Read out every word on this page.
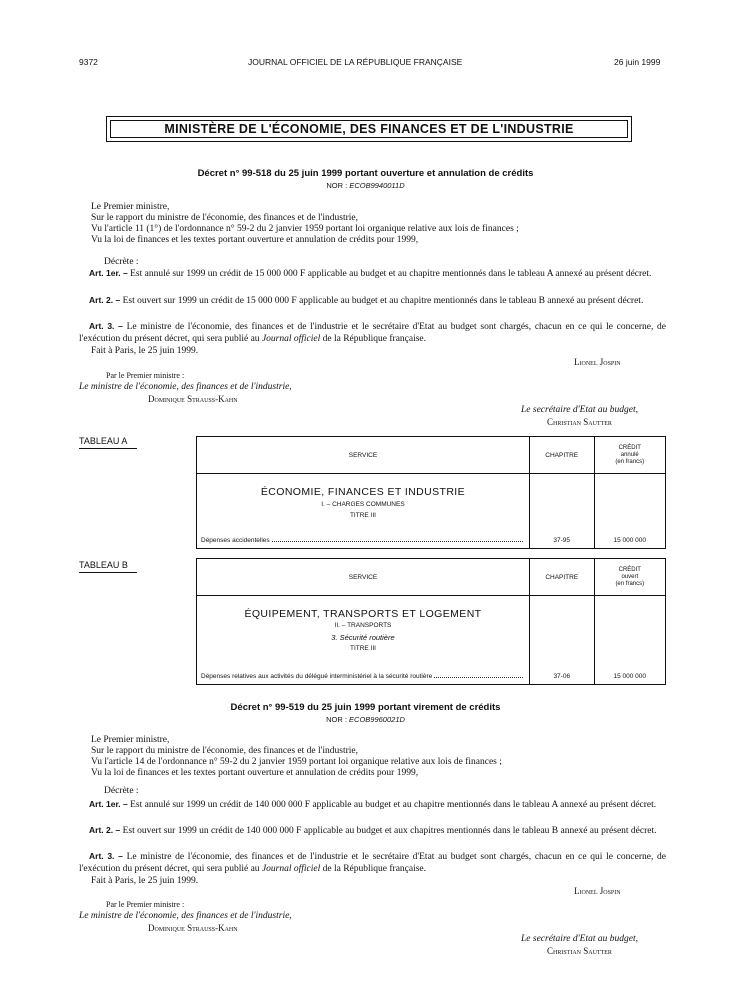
9372	JOURNAL OFFICIEL DE LA RÉPUBLIQUE FRANÇAISE	26 juin 1999
MINISTÈRE DE L'ÉCONOMIE, DES FINANCES ET DE L'INDUSTRIE
Décret n° 99-518 du 25 juin 1999 portant ouverture et annulation de crédits
NOR : ECOB9940011D
Le Premier ministre,
Sur le rapport du ministre de l'économie, des finances et de l'industrie,
Vu l'article 11 (1°) de l'ordonnance n° 59-2 du 2 janvier 1959 portant loi organique relative aux lois de finances ;
Vu la loi de finances et les textes portant ouverture et annulation de crédits pour 1999,
Décrète :
Art. 1er. – Est annulé sur 1999 un crédit de 15 000 000 F applicable au budget et au chapitre mentionnés dans le tableau A annexé au présent décret.
Art. 2. – Est ouvert sur 1999 un crédit de 15 000 000 F applicable au budget et au chapitre mentionnés dans le tableau B annexé au présent décret.
Art. 3. – Le ministre de l'économie, des finances et de l'industrie et le secrétaire d'Etat au budget sont chargés, chacun en ce qui le concerne, de l'exécution du présent décret, qui sera publié au Journal officiel de la République française.
Fait à Paris, le 25 juin 1999.
Lionel Jospin
Par le Premier ministre :
Le ministre de l'économie, des finances et de l'industrie,
Dominique Strauss-Kahn
Le secrétaire d'Etat au budget,
Christian Sautter
TABLEAU A
SERVICE	CHAPITRE	CRÉDIT
annulé
(en francs)

ÉCONOMIE, FINANCES ET INDUSTRIE
I. – CHARGES COMMUNES
TITRE III
Dépenses accidentelles	37-95	15 000 000
TABLEAU B
SERVICE	CHAPITRE	CRÉDIT
ouvert
(en francs)

ÉQUIPEMENT, TRANSPORTS ET LOGEMENT
II. – TRANSPORTS
3. Sécurité routière
TITRE III
Dépenses relatives aux activités du délégué interministériel à la sécurité routière	37-06	15 000 000
Décret n° 99-519 du 25 juin 1999 portant virement de crédits
NOR : ECOB9960021D
Le Premier ministre,
Sur le rapport du ministre de l'économie, des finances et de l'industrie,
Vu l'article 14 de l'ordonnance n° 59-2 du 2 janvier 1959 portant loi organique relative aux lois de finances ;
Vu la loi de finances et les textes portant ouverture et annulation de crédits pour 1999,
Décrète :
Art. 1er. – Est annulé sur 1999 un crédit de 140 000 000 F applicable au budget et au chapitre mentionnés dans le tableau A annexé au présent décret.
Art. 2. – Est ouvert sur 1999 un crédit de 140 000 000 F applicable au budget et aux chapitres mentionnés dans le tableau B annexé au présent décret.
Art. 3. – Le ministre de l'économie, des finances et de l'industrie et le secrétaire d'Etat au budget sont chargés, chacun en ce qui le concerne, de l'exécution du présent décret, qui sera publié au Journal officiel de la République française.
Fait à Paris, le 25 juin 1999.
Lionel Jospin
Par le Premier ministre :
Le ministre de l'économie, des finances et de l'industrie,
Dominique Strauss-Kahn
Le secrétaire d'Etat au budget,
Christian Sautter
